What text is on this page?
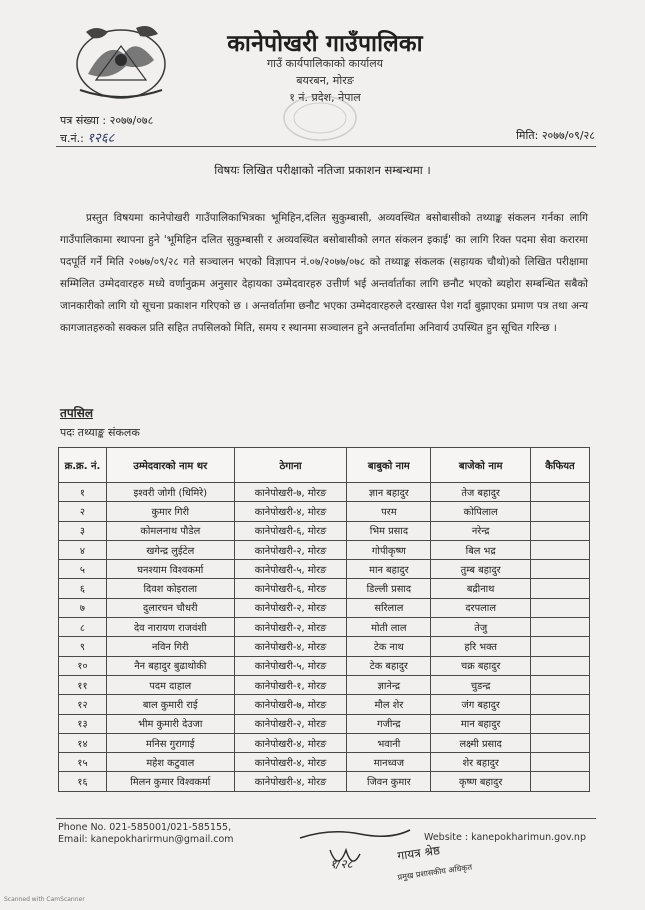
कानेपोखरी गाउँपालिका
गाउँ कार्यपालिकाको कार्यालय
बयरबन, मोरङ
१ नं. प्रदेश, नेपाल
पत्र संख्या : २०७७/०७८
च.नं.: १२६८	मिति: २०७७/०९/२८
विषयः लिखित परीक्षाको नतिजा प्रकाशन सम्बन्धमा ।

प्रस्तुत विषयमा कानेपोखरी गाउँपालिकाभित्रका भूमिहिन,दलित सुकुम्बासी, अव्यवस्थित बसोबासीको तथ्याङ्क संकलन गर्नका लागि गाउँपालिकामा स्थापना हुने 'भूमिहिन दलित सुकुम्बासी र अव्यवस्थित बसोबासीको लगत संकलन इकाई' का लागि रिक्त पदमा सेवा करारमा पदपूर्ति गर्ने मिति २०७७/०९/२८ गते सञ्चालन भएको विज्ञापन नं.०७/२०७७/०७८ को तथ्याङ्क संकलक (सहायक चौथो)को लिखित परीक्षामा सम्मिलित उम्मेदवारहरु मध्ये वर्णानुक्रम अनुसार देहायका उम्मेदवारहरु उत्तीर्ण भई अन्तर्वार्ताका लागि छनौट भएको ब्यहोरा सम्बन्धित सबैको जानकारीको लागि यो सूचना प्रकाशन गरिएको छ । अन्तर्वार्तामा छनौट भएका उम्मेदवारहरुले दरखास्त पेश गर्दा बुझाएका प्रमाण पत्र तथा अन्य कागजातहरुको सक्कल प्रति सहित तपसिलको मिति, समय र स्थानमा सञ्चालन हुने अन्तर्वार्तामा अनिवार्य उपस्थित हुन सूचित गरिन्छ ।

तपसिल
पदः तथ्याङ्क संकलक
क्र.क्र. नं.	उम्मेदवारको नाम थर	ठेगाना	बाबुको नाम	बाजेको नाम	कैफियत
१	इश्वरी जोगी (धिमिरे)	कानेपोखरी-७, मोरङ	ज्ञान बहादुर	तेज बहादुर	
२	कुमार गिरी	कानेपोखरी-४, मोरङ	परम	कोपिलाल	
३	कोमलनाथ पौडेल	कानेपोखरी-६, मोरङ	भिम प्रसाद	नरेन्द्र	
४	खगेन्द्र लुईटेल	कानेपोखरी-२, मोरङ	गोपीकृष्ण	बिल भद्र	
५	घनश्याम विश्वकर्मा	कानेपोखरी-५, मोरङ	मान बहादुर	तुम्ब बहादुर	
६	दिवश कोइराला	कानेपोखरी-६, मोरङ	डिल्ली प्रसाद	बद्रीनाथ	
७	दुलारचन चौधरी	कानेपोखरी-२, मोरङ	सरिलाल	दरपलाल	
८	देव नारायण राजवंशी	कानेपोखरी-२, मोरङ	मोती लाल	तेजु	
९	नविन गिरी	कानेपोखरी-४, मोरङ	टेक नाथ	हरि भक्त	
१०	नैन बहादुर बुढाथोकी	कानेपोखरी-५, मोरङ	टेक बहादुर	चक्र बहादुर	
११	पदम दाहाल	कानेपोखरी-१, मोरङ	ज्ञानेन्द्र	चुडन्द्र	
१२	बाल कुमारी राई	कानेपोखरी-७, मोरङ	मौल शेर	जंग बहादुर	
१३	भीम कुमारी देउजा	कानेपोखरी-२, मोरङ	गजीन्द्र	मान बहादुर	
१४	मनिस गुरागाई	कानेपोखरी-४, मोरङ	भवानी	लक्ष्मी प्रसाद	
१५	महेश कटुवाल	कानेपोखरी-४, मोरङ	मानध्वज	शेर बहादुर	
१६	मिलन कुमार विश्वकर्मा	कानेपोखरी-४, मोरङ	जिवन कुमार	कृष्ण बहादुर	
Phone No. 021-585001/021-585155,
Email: kanepokharirmun@gmail.com	Website : kanepokharimun.gov.np
१/२८
गायत्र श्रेष्ठ
प्रमुख प्रशासकीय अधिकृत
Scanned with CamScanner
